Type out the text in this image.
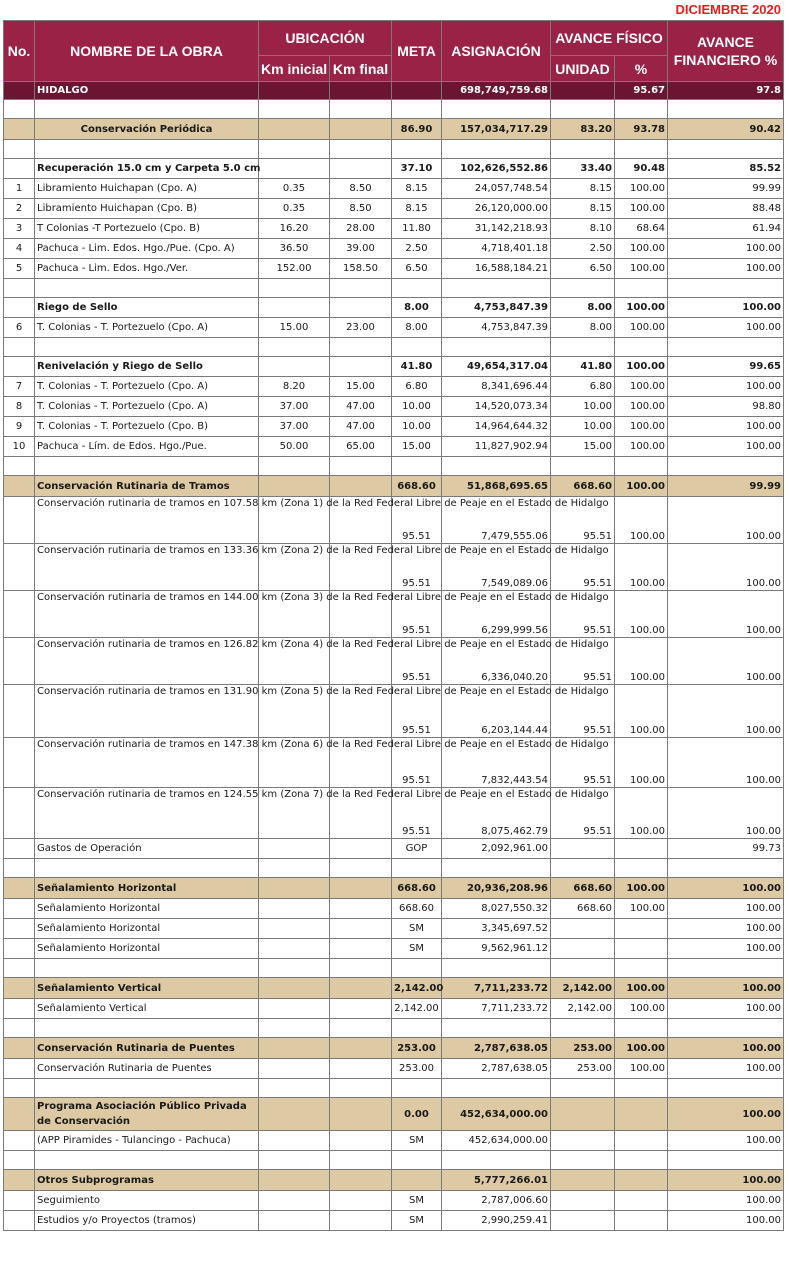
DICIEMBRE 2020
No.	NOMBRE DE LA OBRA	UBICACIÓN		META	ASIGNACIÓN	AVANCE FÍSICO		AVANCE FINANCIERO %
		Km inicial	Km final			UNIDAD	%	
	HIDALGO				698,749,759.68		95.67	97.8

	Conservación Periódica			86.90	157,034,717.29	83.20	93.78	90.42

	Recuperación 15.0 cm y Carpeta 5.0 cm			37.10	102,626,552.86	33.40	90.48	85.52
1	Libramiento Huichapan (Cpo. A)	0.35	8.50	8.15	24,057,748.54	8.15	100.00	99.99
2	Libramiento Huichapan (Cpo. B)	0.35	8.50	8.15	26,120,000.00	8.15	100.00	88.48
3	T Colonias -T Portezuelo (Cpo. B)	16.20	28.00	11.80	31,142,218.93	8.10	68.64	61.94
4	Pachuca - Lim. Edos. Hgo./Pue. (Cpo. A)	36.50	39.00	2.50	4,718,401.18	2.50	100.00	100.00
5	Pachuca - Lim. Edos. Hgo./Ver.	152.00	158.50	6.50	16,588,184.21	6.50	100.00	100.00

	Riego de Sello			8.00	4,753,847.39	8.00	100.00	100.00
6	T. Colonias - T. Portezuelo (Cpo. A)	15.00	23.00	8.00	4,753,847.39	8.00	100.00	100.00

	Renivelación y Riego de Sello			41.80	49,654,317.04	41.80	100.00	99.65
7	T. Colonias - T. Portezuelo (Cpo. A)	8.20	15.00	6.80	8,341,696.44	6.80	100.00	100.00
8	T. Colonias - T. Portezuelo (Cpo. A)	37.00	47.00	10.00	14,520,073.34	10.00	100.00	98.80
9	T. Colonias - T. Portezuelo (Cpo. B)	37.00	47.00	10.00	14,964,644.32	10.00	100.00	100.00
10	Pachuca - Lím. de Edos. Hgo./Pue.	50.00	65.00	15.00	11,827,902.94	15.00	100.00	100.00

	Conservación Rutinaria de Tramos			668.60	51,868,695.65	668.60	100.00	99.99
	Conservación rutinaria de tramos en 107.58 km (Zona 1) de la Red Federal Libre de Peaje en el Estado de Hidalgo			95.51	7,479,555.06	95.51	100.00	100.00
	Conservación rutinaria de tramos en 133.36 km (Zona 2) de la Red Federal Libre de Peaje en el Estado de Hidalgo			95.51	7,549,089.06	95.51	100.00	100.00
	Conservación rutinaria de tramos en 144.00 km (Zona 3) de la Red Federal Libre de Peaje en el Estado de Hidalgo			95.51	6,299,999.56	95.51	100.00	100.00
	Conservación rutinaria de tramos en 126.82 km (Zona 4) de la Red Federal Libre de Peaje en el Estado de Hidalgo			95.51	6,336,040.20	95.51	100.00	100.00
	Conservación rutinaria de tramos en 131.90 km (Zona 5) de la Red Federal Libre de Peaje en el Estado de Hidalgo			95.51	6,203,144.44	95.51	100.00	100.00
	Conservación rutinaria de tramos en 147.38 km (Zona 6) de la Red Federal Libre de Peaje en el Estado de Hidalgo			95.51	7,832,443.54	95.51	100.00	100.00
	Conservación rutinaria de tramos en 124.55 km (Zona 7) de la Red Federal Libre de Peaje en el Estado de Hidalgo			95.51	8,075,462.79	95.51	100.00	100.00
	Gastos de Operación			GOP	2,092,961.00			99.73

	Señalamiento Horizontal			668.60	20,936,208.96	668.60	100.00	100.00
	Señalamiento Horizontal			668.60	8,027,550.32	668.60	100.00	100.00
	Señalamiento Horizontal			SM	3,345,697.52			100.00
	Señalamiento Horizontal			SM	9,562,961.12			100.00

	Señalamiento Vertical			2,142.00	7,711,233.72	2,142.00	100.00	100.00
	Señalamiento Vertical			2,142.00	7,711,233.72	2,142.00	100.00	100.00

	Conservación Rutinaria de Puentes			253.00	2,787,638.05	253.00	100.00	100.00
	Conservación Rutinaria de Puentes			253.00	2,787,638.05	253.00	100.00	100.00

	Programa Asociación Público Privada de Conservación			0.00	452,634,000.00			100.00
	(APP Piramides - Tulancingo - Pachuca)			SM	452,634,000.00			100.00

	Otros Subprogramas				5,777,266.01			100.00
	Seguimiento			SM	2,787,006.60			100.00
	Estudios y/o Proyectos (tramos)			SM	2,990,259.41			100.00
